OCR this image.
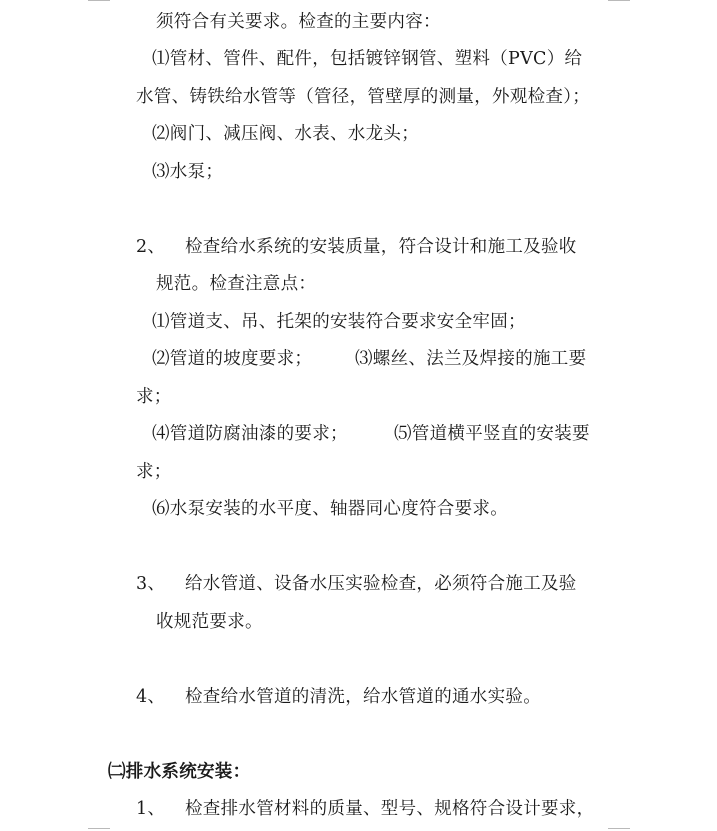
须符合有关要求。检查的主要内容：
⑴管材、管件、配件，包括镀锌钢管、塑料（PVC）给
水管、铸铁给水管等（管径，管壁厚的测量，外观检查）；
⑵阀门、减压阀、水表、水龙头；
⑶水泵；
2、 检查给水系统的安装质量，符合设计和施工及验收
规范。检查注意点：
⑴管道支、吊、托架的安装符合要求安全牢固；
⑵管道的坡度要求； ⑶螺丝、法兰及焊接的施工要
求；
⑷管道防腐油漆的要求；	⑸管道横平竖直的安装要
求；
⑹水泵安装的水平度、轴器同心度符合要求。
3、 给水管道、设备水压实验检查，必须符合施工及验
收规范要求。
4、 检查给水管道的清洗，给水管道的通水实验。
㈡排水系统安装：
1、 检查排水管材料的质量、型号、规格符合设计要求，
